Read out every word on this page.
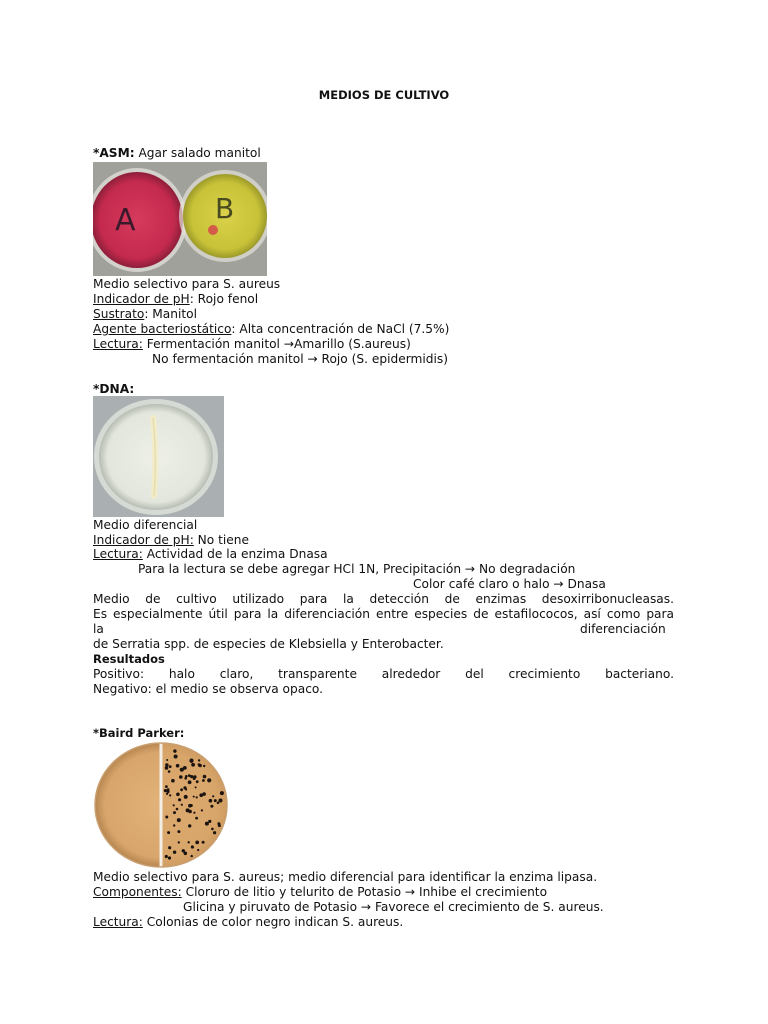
MEDIOS DE CULTIVO
*ASM: Agar salado manitol
A	B
Medio selectivo para S. aureus
Indicador de pH: Rojo fenol
Sustrato: Manitol
Agente bacteriostático: Alta concentración de NaCl (7.5%)
Lectura: Fermentación manitol →Amarillo (S.aureus)
No fermentación manitol → Rojo (S. epidermidis)
*DNA:
Medio diferencial
Indicador de pH: No tiene
Lectura: Actividad de la enzima Dnasa
Para la lectura se debe agregar HCl 1N, Precipitación → No degradación
Color café claro o halo → Dnasa
Medio de cultivo utilizado para la detección de enzimas desoxirribonucleasas.
Es especialmente útil para la diferenciación entre especies de estafilococos, así como para
la	diferenciación
de Serratia spp. de especies de Klebsiella y Enterobacter.
Resultados
Positivo: halo claro, transparente alrededor del crecimiento bacteriano.
Negativo: el medio se observa opaco.
*Baird Parker:
Medio selectivo para S. aureus; medio diferencial para identificar la enzima lipasa.
Componentes: Cloruro de litio y telurito de Potasio → Inhibe el crecimiento
Glicina y piruvato de Potasio → Favorece el crecimiento de S. aureus.
Lectura: Colonias de color negro indican S. aureus.
